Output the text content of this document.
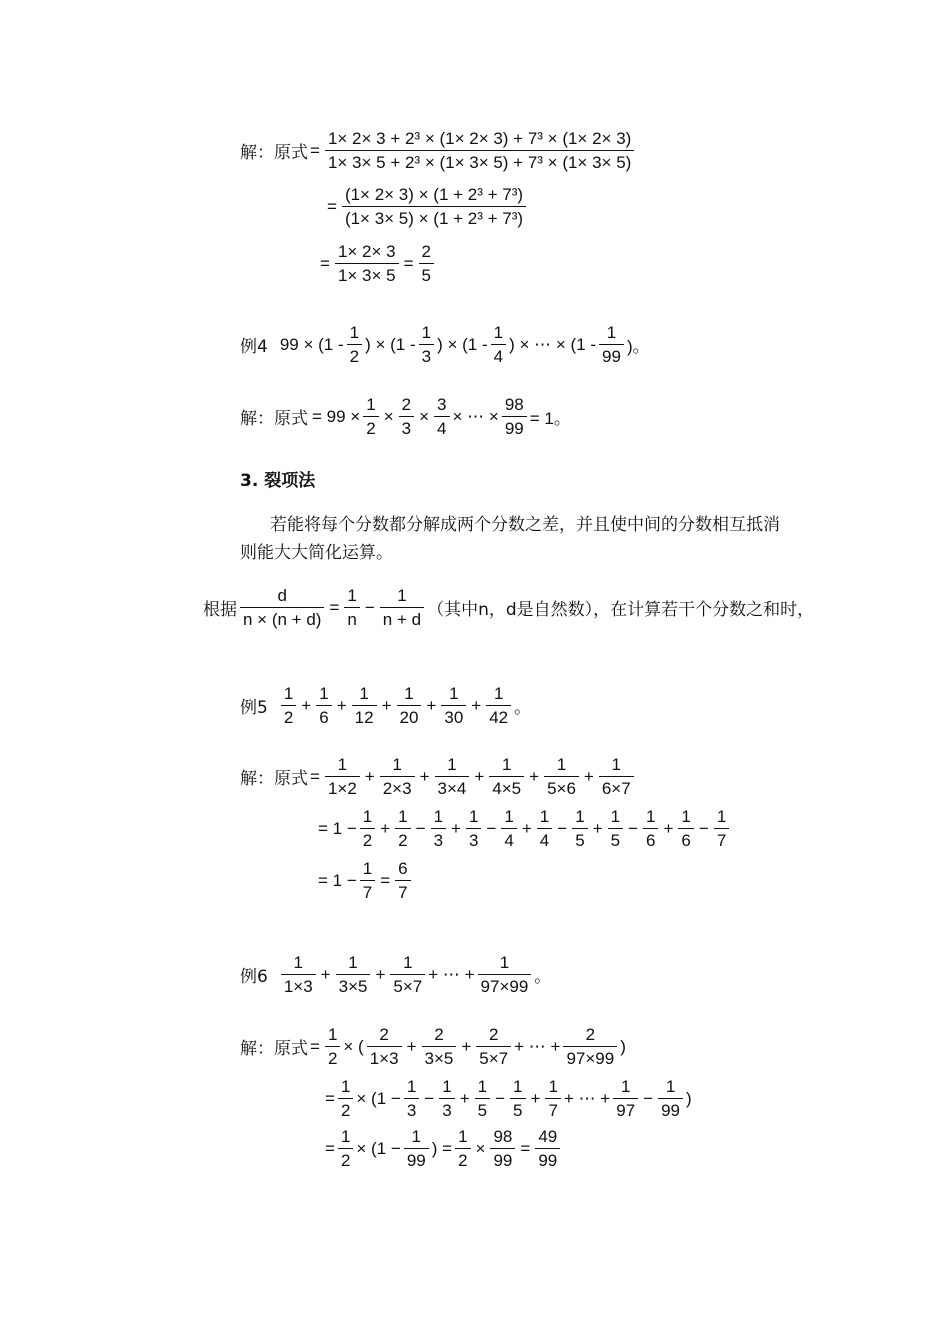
解：原式 = $\frac{\text{1× 2× 3 + 2³ × (1× 2× 3) + 7³ × (1× 2× 3)}}{\text{1× 3× 5 + 2³ × (1× 3× 5) + 7³ × (1× 3× 5)}}$
= $\frac{\text{(1× 2× 3) × (1 + 2³ + 7³)}}{\text{(1× 3× 5) × (1 + 2³ + 7³)}}$
= $\frac{1\times 2\times 3}{1\times 3\times 5} = \frac{2}{5}$
例4 $99 \times (1 - \frac{1}{2}$ ) × ($1 - \frac{1}{3}$ ) × ($1 - \frac{1}{4}$ ) × ⋯ × ($1 - \frac{1}{99}$ )。
解：原式 = $99 \times \frac{1}{2} \times \frac{2}{3} \times \frac{3}{4}$ × ⋯ × $\frac{98}{99} = 1$。
3. 裂项法
若能将每个分数都分解成两个分数之差，并且使中间的分数相互抵消
则能大大简化运算。
根据 $\frac{d}{n \times (n + d)} = \frac{1}{n} - \frac{1}{n + d}$ （其中n，d是自然数），在计算若干个分数之和时，
例$5 \frac{1}{2} + \frac{1}{6} + \frac{1}{12} + \frac{1}{20} + \frac{1}{30} + \frac{1}{42}$ 。
解：原式 = $\frac{1}{1\times 2} + \frac{1}{2\times 3} + \frac{1}{3\times 4} + \frac{1}{4\times 5} + \frac{1}{5\times 6} + \frac{1}{6\times 7}$
= $1 - \frac{1}{2} + \frac{1}{2} - \frac{1}{3} + \frac{1}{3} - \frac{1}{4} + \frac{1}{4} - \frac{1}{5} + \frac{1}{5} - \frac{1}{6} + \frac{1}{6} - \frac{1}{7}$
= $1 - \frac{1}{7} = \frac{6}{7}$
例$6 \frac{1}{1\times 3} + \frac{1}{3\times 5} + \frac{1}{5\times 7}$ + ⋯ + $\frac{1}{97\times 99}$ 。
解：原式 = $\frac{1}{2}$ × ( $\frac{2}{1\times 3} + \frac{2}{3\times 5} + \frac{2}{5\times 7}$ + ⋯ + $\frac{2}{97\times 99}$ )
= $\frac{1}{2} \times (1 - \frac{1}{3} - \frac{1}{3} + \frac{1}{5} - \frac{1}{5} + \frac{1}{7}$ + ⋯ + $\frac{1}{97} - \frac{1}{99}$ )
= $\frac{1}{2} \times (1 - \frac{1}{99}$ ) = $\frac{1}{2} \times \frac{98}{99} = \frac{49}{99}$
